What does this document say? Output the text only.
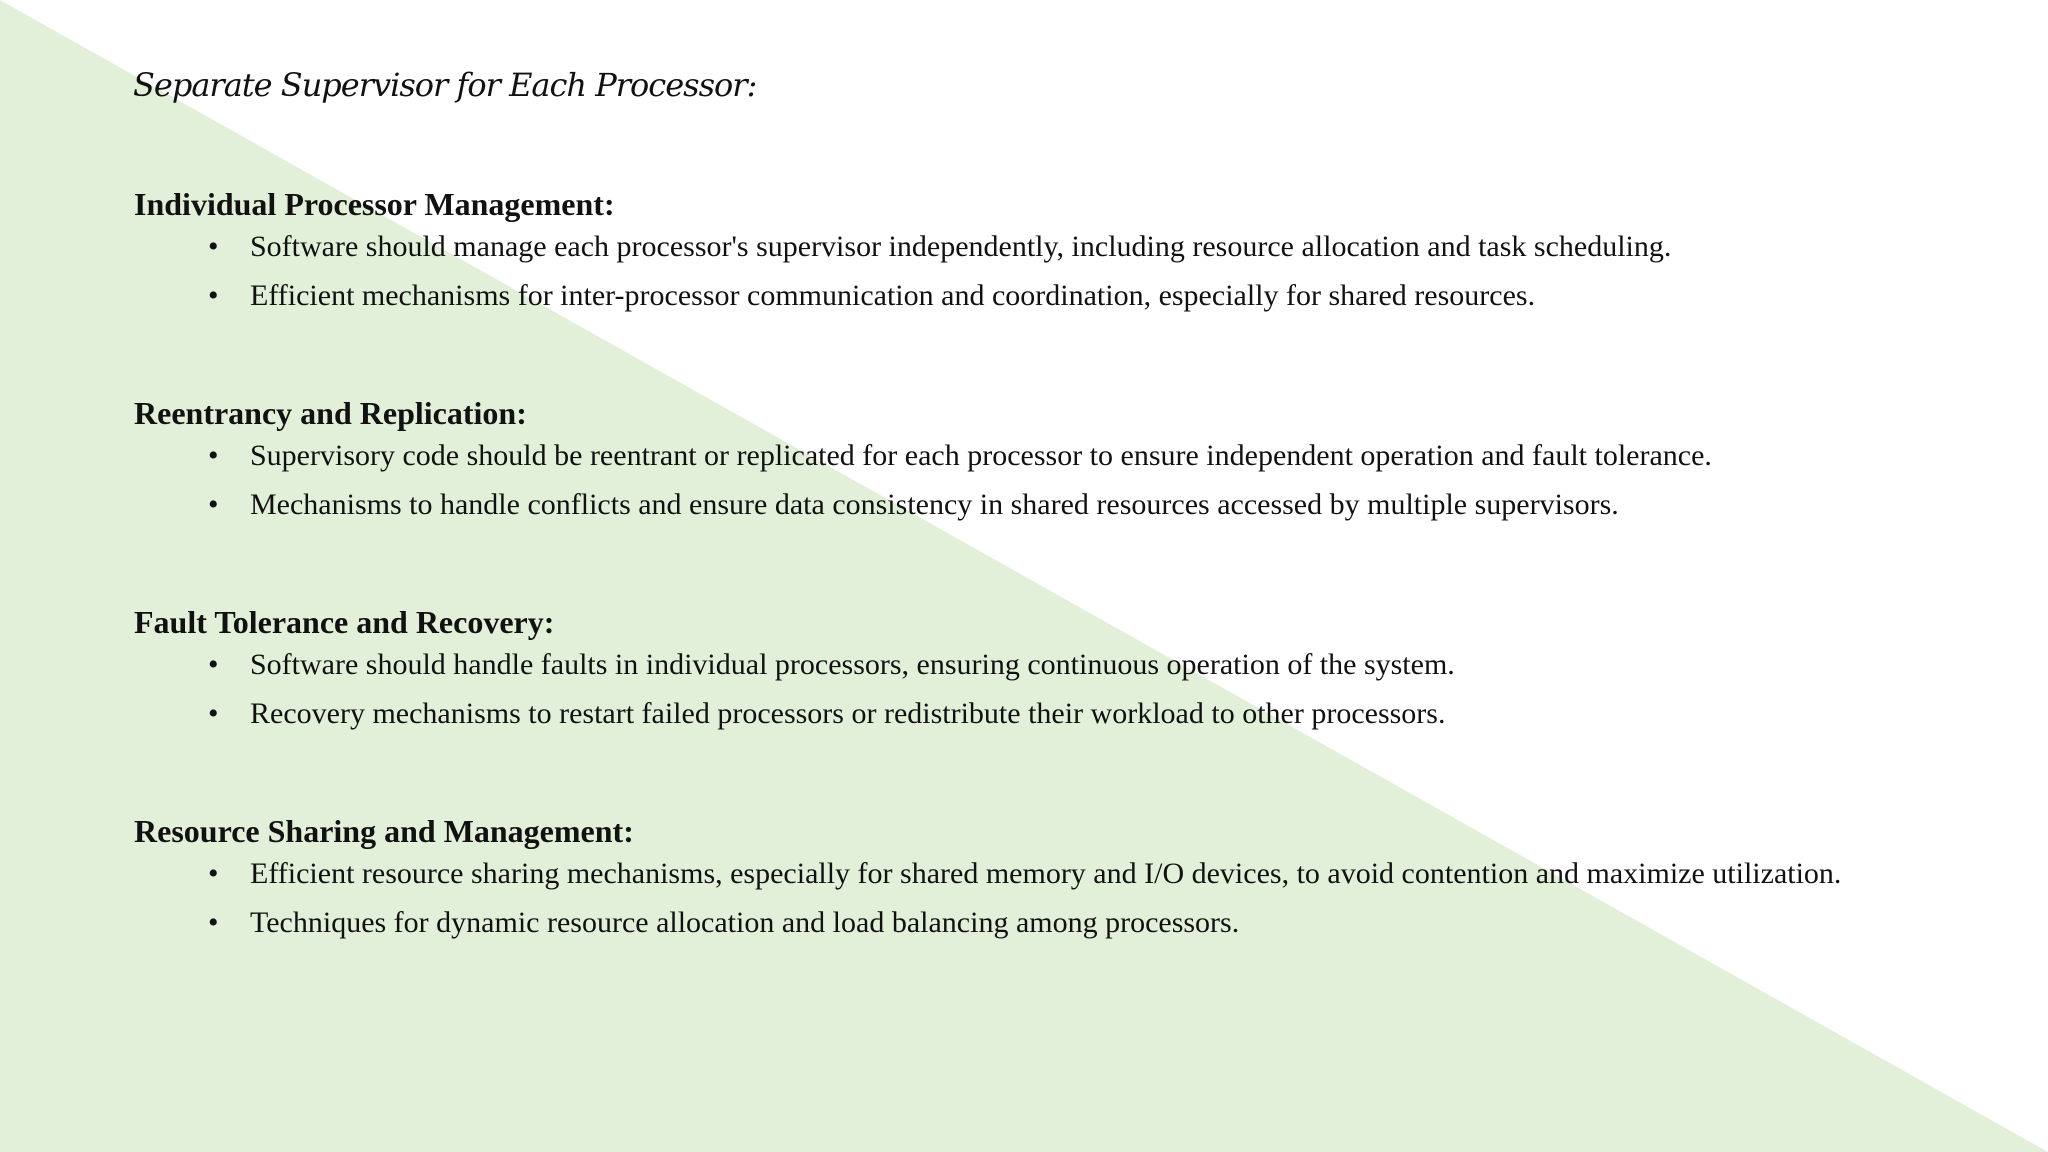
Separate Supervisor for Each Processor:
Individual Processor Management:
• Software should manage each processor's supervisor independently, including resource allocation and task scheduling.
• Efficient mechanisms for inter-processor communication and coordination, especially for shared resources.
Reentrancy and Replication:
• Supervisory code should be reentrant or replicated for each processor to ensure independent operation and fault tolerance.
• Mechanisms to handle conflicts and ensure data consistency in shared resources accessed by multiple supervisors.
Fault Tolerance and Recovery:
• Software should handle faults in individual processors, ensuring continuous operation of the system.
• Recovery mechanisms to restart failed processors or redistribute their workload to other processors.
Resource Sharing and Management:
• Efficient resource sharing mechanisms, especially for shared memory and I/O devices, to avoid contention and maximize utilization.
• Techniques for dynamic resource allocation and load balancing among processors.
